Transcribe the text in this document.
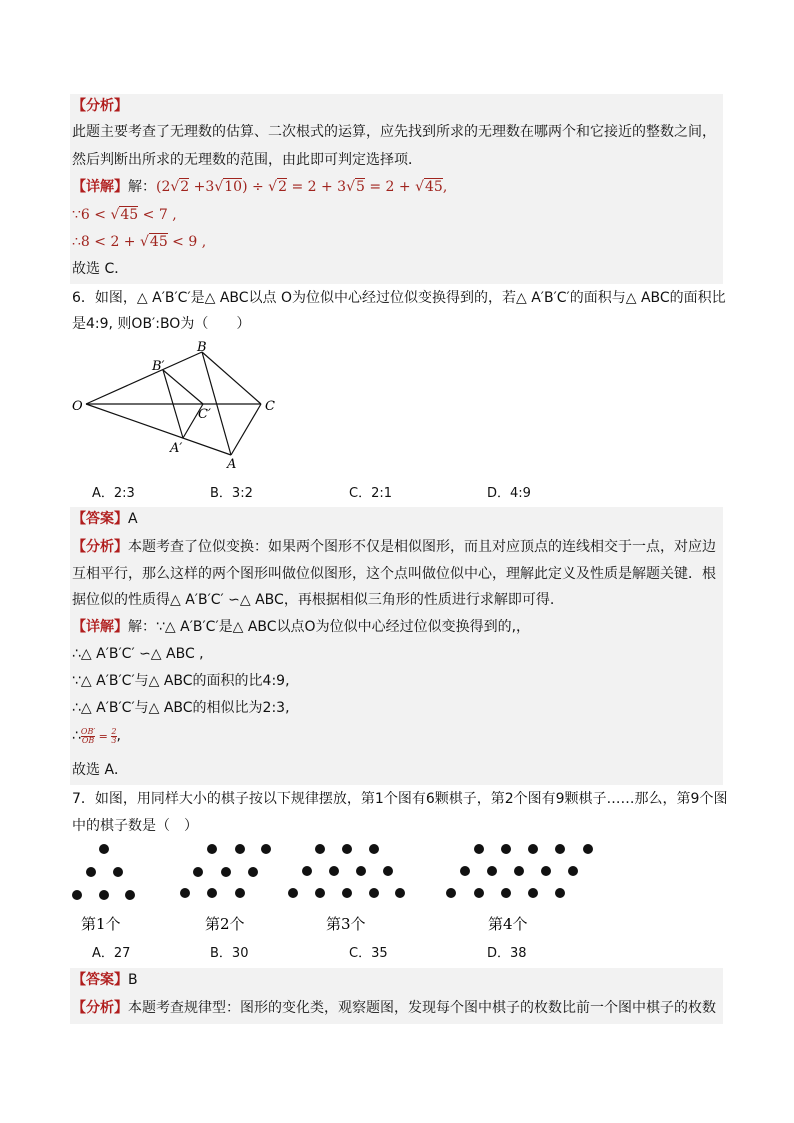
【分析】
此题主要考查了无理数的估算、二次根式的运算，应先找到所求的无理数在哪两个和它接近的整数之间，
然后判断出所求的无理数的范围，由此即可判定选择项．
【详解】解：(2√2 +3√10) ÷ √2 = 2 + 3√5 = 2 + √45,
∵6 < √45 < 7 ,
∴8 < 2 + √45 < 9 ,
故选 C．
6．如图，△ A′B′C′是△ ABC以点 O为位似中心经过位似变换得到的，若△ A′B′C′的面积与△ ABC的面积比
是4:9, 则OB′:BO为（　　）
O
B
B′
C
C′
A′
A
A．2:3	B．3:2	C．2:1	D．4:9
【答案】A
【分析】本题考查了位似变换：如果两个图形不仅是相似图形，而且对应顶点的连线相交于一点，对应边
互相平行，那么这样的两个图形叫做位似图形，这个点叫做位似中心，理解此定义及性质是解题关键．根
据位似的性质得△ A′B′C′ ∽△ ABC，再根据相似三角形的性质进行求解即可得.
【详解】解：∵△ A′B′C′是△ ABC以点O为位似中心经过位似变换得到的,，
∴△ A′B′C′ ∽△ ABC ,
∵△ A′B′C′与△ ABC的面积的比4:9,
∴△ A′B′C′与△ ABC的相似比为2:3,
∴ $\frac{OB'}{OB} = \frac{2}{3}$ ,
故选 A．
7．如图，用同样大小的棋子按以下规律摆放，第1个图有6颗棋子，第2个图有9颗棋子……那么，第9个图
中的棋子数是（　）
第1个	第2个	第3个	第4个
A．27	B．30	C．35	D．38
【答案】B
【分析】本题考查规律型：图形的变化类，观察题图，发现每个图中棋子的枚数比前一个图中棋子的枚数
